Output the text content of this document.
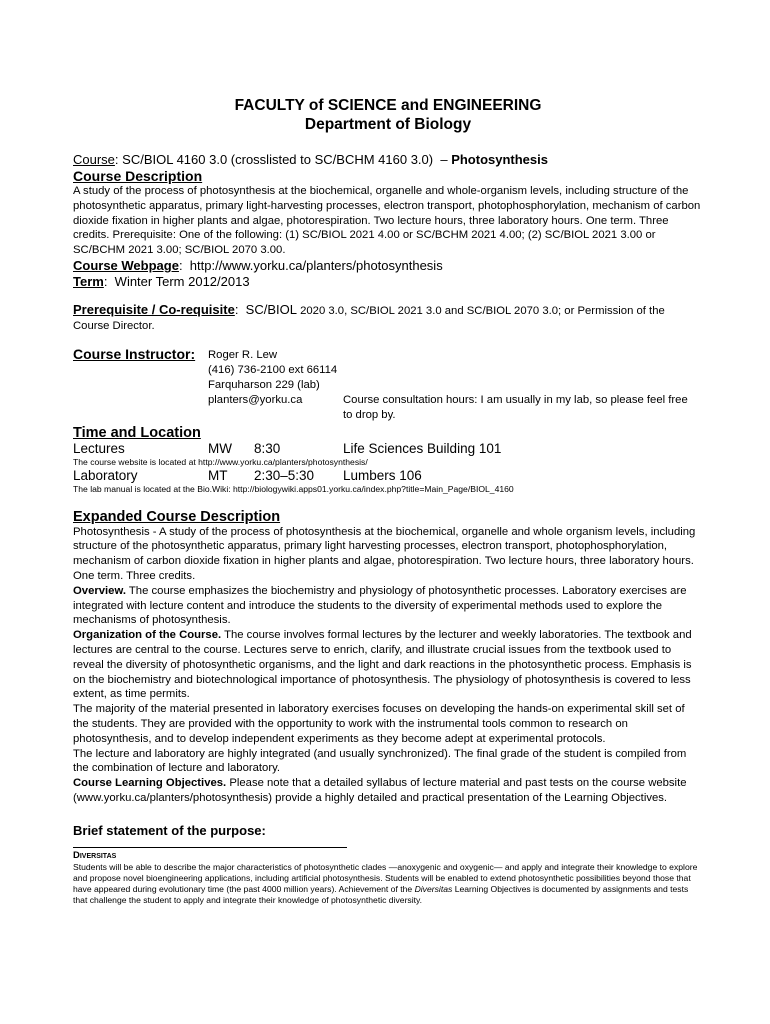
FACULTY of SCIENCE and ENGINEERING
Department of Biology
Course: SC/BIOL 4160 3.0 (crosslisted to SC/BCHM 4160 3.0) – Photosynthesis
Course Description
A study of the process of photosynthesis at the biochemical, organelle and whole-organism levels, including structure of the photosynthetic apparatus, primary light-harvesting processes, electron transport, photophosphorylation, mechanism of carbon dioxide fixation in higher plants and algae, photorespiration. Two lecture hours, three laboratory hours. One term. Three credits. Prerequisite: One of the following: (1) SC/BIOL 2021 4.00 or SC/BCHM 2021 4.00; (2) SC/BIOL 2021 3.00 or SC/BCHM 2021 3.00; SC/BIOL 2070 3.00.
Course Webpage:  http://www.yorku.ca/planters/photosynthesis
Term:  Winter Term 2012/2013
Prerequisite / Co-requisite:  SC/BIOL 2020 3.0, SC/BIOL 2021 3.0 and SC/BIOL 2070 3.0; or Permission of the Course Director.
Course Instructor:	Roger R. Lew
(416) 736-2100 ext 66114
Farquharson 229 (lab)
planters@yorku.ca	Course consultation hours: I am usually in my lab, so please feel free to drop by.
Time and Location
Lectures	MW	8:30	Life Sciences Building 101
The course website is located at http://www.yorku.ca/planters/photosynthesis/
Laboratory	MT	2:30–5:30	Lumbers 106
The lab manual is located at the Bio.Wiki: http://biologywiki.apps01.yorku.ca/index.php?title=Main_Page/BIOL_4160
Expanded Course Description
Photosynthesis - A study of the process of photosynthesis at the biochemical, organelle and whole organism levels, including structure of the photosynthetic apparatus, primary light harvesting processes, electron transport, photophosphorylation, mechanism of carbon dioxide fixation in higher plants and algae, photorespiration. Two lecture hours, three laboratory hours. One term. Three credits.
Overview. The course emphasizes the biochemistry and physiology of photosynthetic processes. Laboratory exercises are integrated with lecture content and introduce the students to the diversity of experimental methods used to explore the mechanisms of photosynthesis.
Organization of the Course. The course involves formal lectures by the lecturer and weekly laboratories. The textbook and lectures are central to the course. Lectures serve to enrich, clarify, and illustrate crucial issues from the textbook used to reveal the diversity of photosynthetic organisms, and the light and dark reactions in the photosynthetic process. Emphasis is on the biochemistry and biotechnological importance of photosynthesis. The physiology of photosynthesis is covered to less extent, as time permits.
The majority of the material presented in laboratory exercises focuses on developing the hands-on experimental skill set of the students. They are provided with the opportunity to work with the instrumental tools common to research on photosynthesis, and to develop independent experiments as they become adept at experimental protocols.
The lecture and laboratory are highly integrated (and usually synchronized). The final grade of the student is compiled from the combination of lecture and laboratory.
Course Learning Objectives. Please note that a detailed syllabus of lecture material and past tests on the course website (www.yorku.ca/planters/photosynthesis) provide a highly detailed and practical presentation of the Learning Objectives.
Brief statement of the purpose:
Diversitas
Students will be able to describe the major characteristics of photosynthetic clades —anoxygenic and oxygenic— and apply and integrate their knowledge to explore and propose novel bioengineering applications, including artificial photosynthesis. Students will be enabled to extend photosynthetic possibilities beyond those that have appeared during evolutionary time (the past 4000 million years). Achievement of the Diversitas Learning Objectives is documented by assignments and tests that challenge the student to apply and integrate their knowledge of photosynthetic diversity.
